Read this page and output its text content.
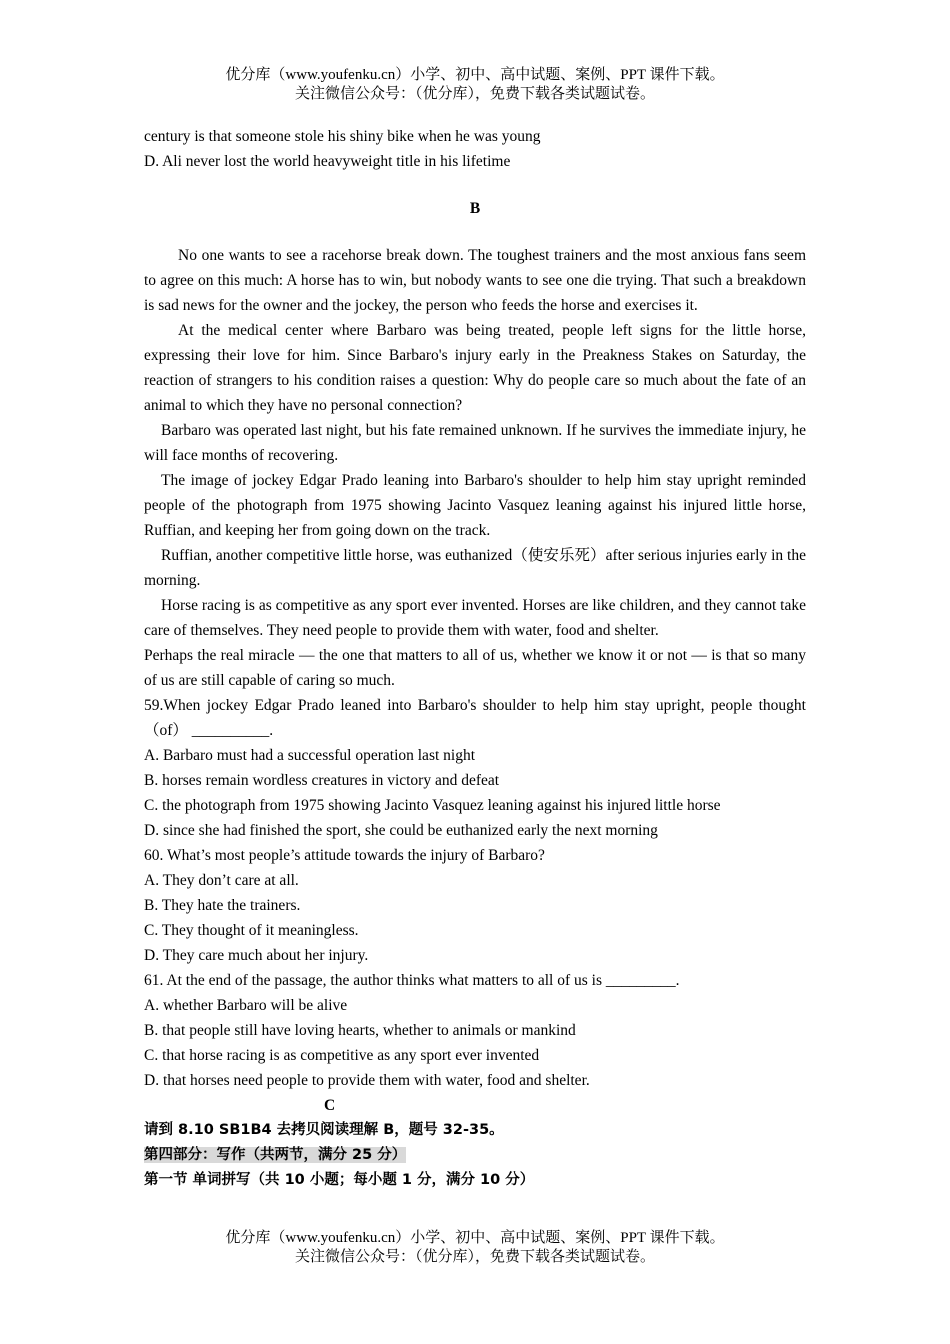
优分库（www.youfenku.cn）小学、初中、高中试题、案例、PPT 课件下载。
关注微信公众号：（优分库），免费下载各类试题试卷。

century is that someone stole his shiny bike when he was young

D. Ali never lost the world heavyweight title in his lifetime

B

No one wants to see a racehorse break down. The toughest trainers and the most anxious fans seem to agree on this much: A horse has to win, but nobody wants to see one die trying. That such a breakdown is sad news for the owner and the jockey, the person who feeds the horse and exercises it.

At the medical center where Barbaro was being treated, people left signs for the little horse, expressing their love for him. Since Barbaro's injury early in the Preakness Stakes on Saturday, the reaction of strangers to his condition raises a question: Why do people care so much about the fate of an animal to which they have no personal connection?

Barbaro was operated last night, but his fate remained unknown. If he survives the immediate injury, he will face months of recovering.

The image of jockey Edgar Prado leaning into Barbaro's shoulder to help him stay upright reminded people of the photograph from 1975 showing Jacinto Vasquez leaning against his injured little horse, Ruffian, and keeping her from going down on the track.

Ruffian, another competitive little horse, was euthanized（使安乐死）after serious injuries early in the morning.

Horse racing is as competitive as any sport ever invented. Horses are like children, and they cannot take care of themselves. They need people to provide them with water, food and shelter.

Perhaps the real miracle — the one that matters to all of us, whether we know it or not — is that so many of us are still capable of caring so much.

59.When jockey Edgar Prado leaned into Barbaro's shoulder to help him stay upright, people thought （of） __________.

A. Barbaro must had a successful operation last night

B. horses remain wordless creatures in victory and defeat

C. the photograph from 1975 showing Jacinto Vasquez leaning against his injured little horse

D. since she had finished the sport, she could be euthanized early the next morning

60. What’s most people’s attitude towards the injury of Barbaro?

A. They don’t care at all.

B. They hate the trainers.

C. They thought of it meaningless.

D. They care much about her injury.

61. At the end of the passage, the author thinks what matters to all of us is _________.

A. whether Barbaro will be alive

B. that people still have loving hearts, whether to animals or mankind

C. that horse racing is as competitive as any sport ever invented

D. that horses need people to provide them with water, food and shelter.

C

请到 8.10 SB1B4 去拷贝阅读理解 B，题号 32-35。

第四部分：写作（共两节，满分 25 分）

第一节 单词拼写（共 10 小题；每小题 1 分，满分 10 分）

优分库（www.youfenku.cn）小学、初中、高中试题、案例、PPT 课件下载。
关注微信公众号：（优分库），免费下载各类试题试卷。
